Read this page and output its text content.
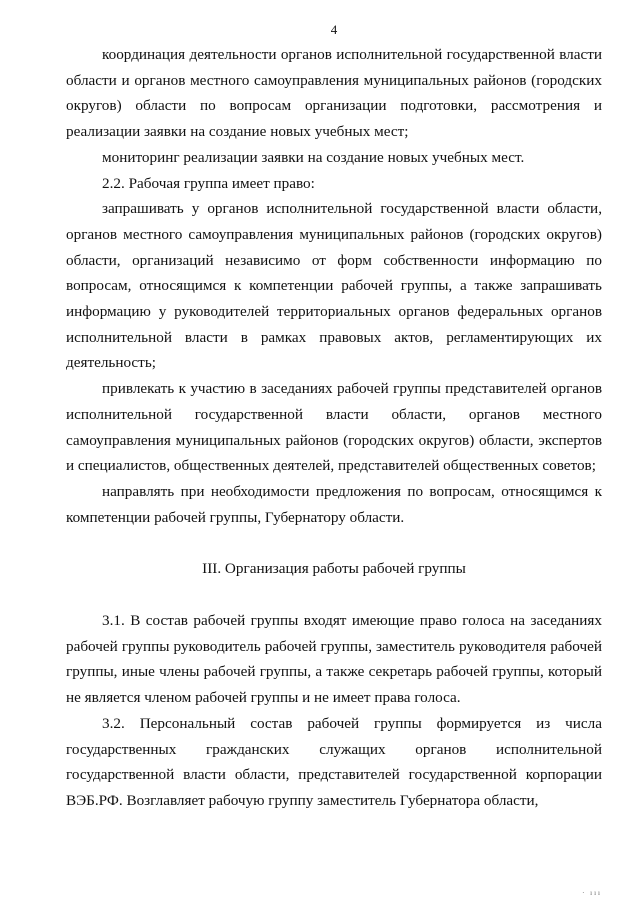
4

координация деятельности органов исполнительной государственной власти области и органов местного самоуправления муниципальных районов (городских округов) области по вопросам организации подготовки, рассмотрения и реализации заявки на создание новых учебных мест;

мониторинг реализации заявки на создание новых учебных мест.

2.2. Рабочая группа имеет право:

запрашивать у органов исполнительной государственной власти области, органов местного самоуправления муниципальных районов (городских округов) области, организаций независимо от форм собственности информацию по вопросам, относящимся к компетенции рабочей группы, а также запрашивать информацию у руководителей территориальных органов федеральных органов исполнительной власти в рамках правовых актов, регламентирующих их деятельность;

привлекать к участию в заседаниях рабочей группы представителей органов исполнительной государственной власти области, органов местного самоуправления муниципальных районов (городских округов) области, экспертов и специалистов, общественных деятелей, представителей общественных советов;

направлять при необходимости предложения по вопросам, относящимся к компетенции рабочей группы, Губернатору области.

III. Организация работы рабочей группы

3.1. В состав рабочей группы входят имеющие право голоса на заседаниях рабочей группы руководитель рабочей группы, заместитель руководителя рабочей группы, иные члены рабочей группы, а также секретарь рабочей группы, который не является членом рабочей группы и не имеет права голоса.

3.2. Персональный состав рабочей группы формируется из числа государственных гражданских служащих органов исполнительной государственной власти области, представителей государственной корпорации ВЭБ.РФ. Возглавляет рабочую группу заместитель Губернатора области,

· ııı
